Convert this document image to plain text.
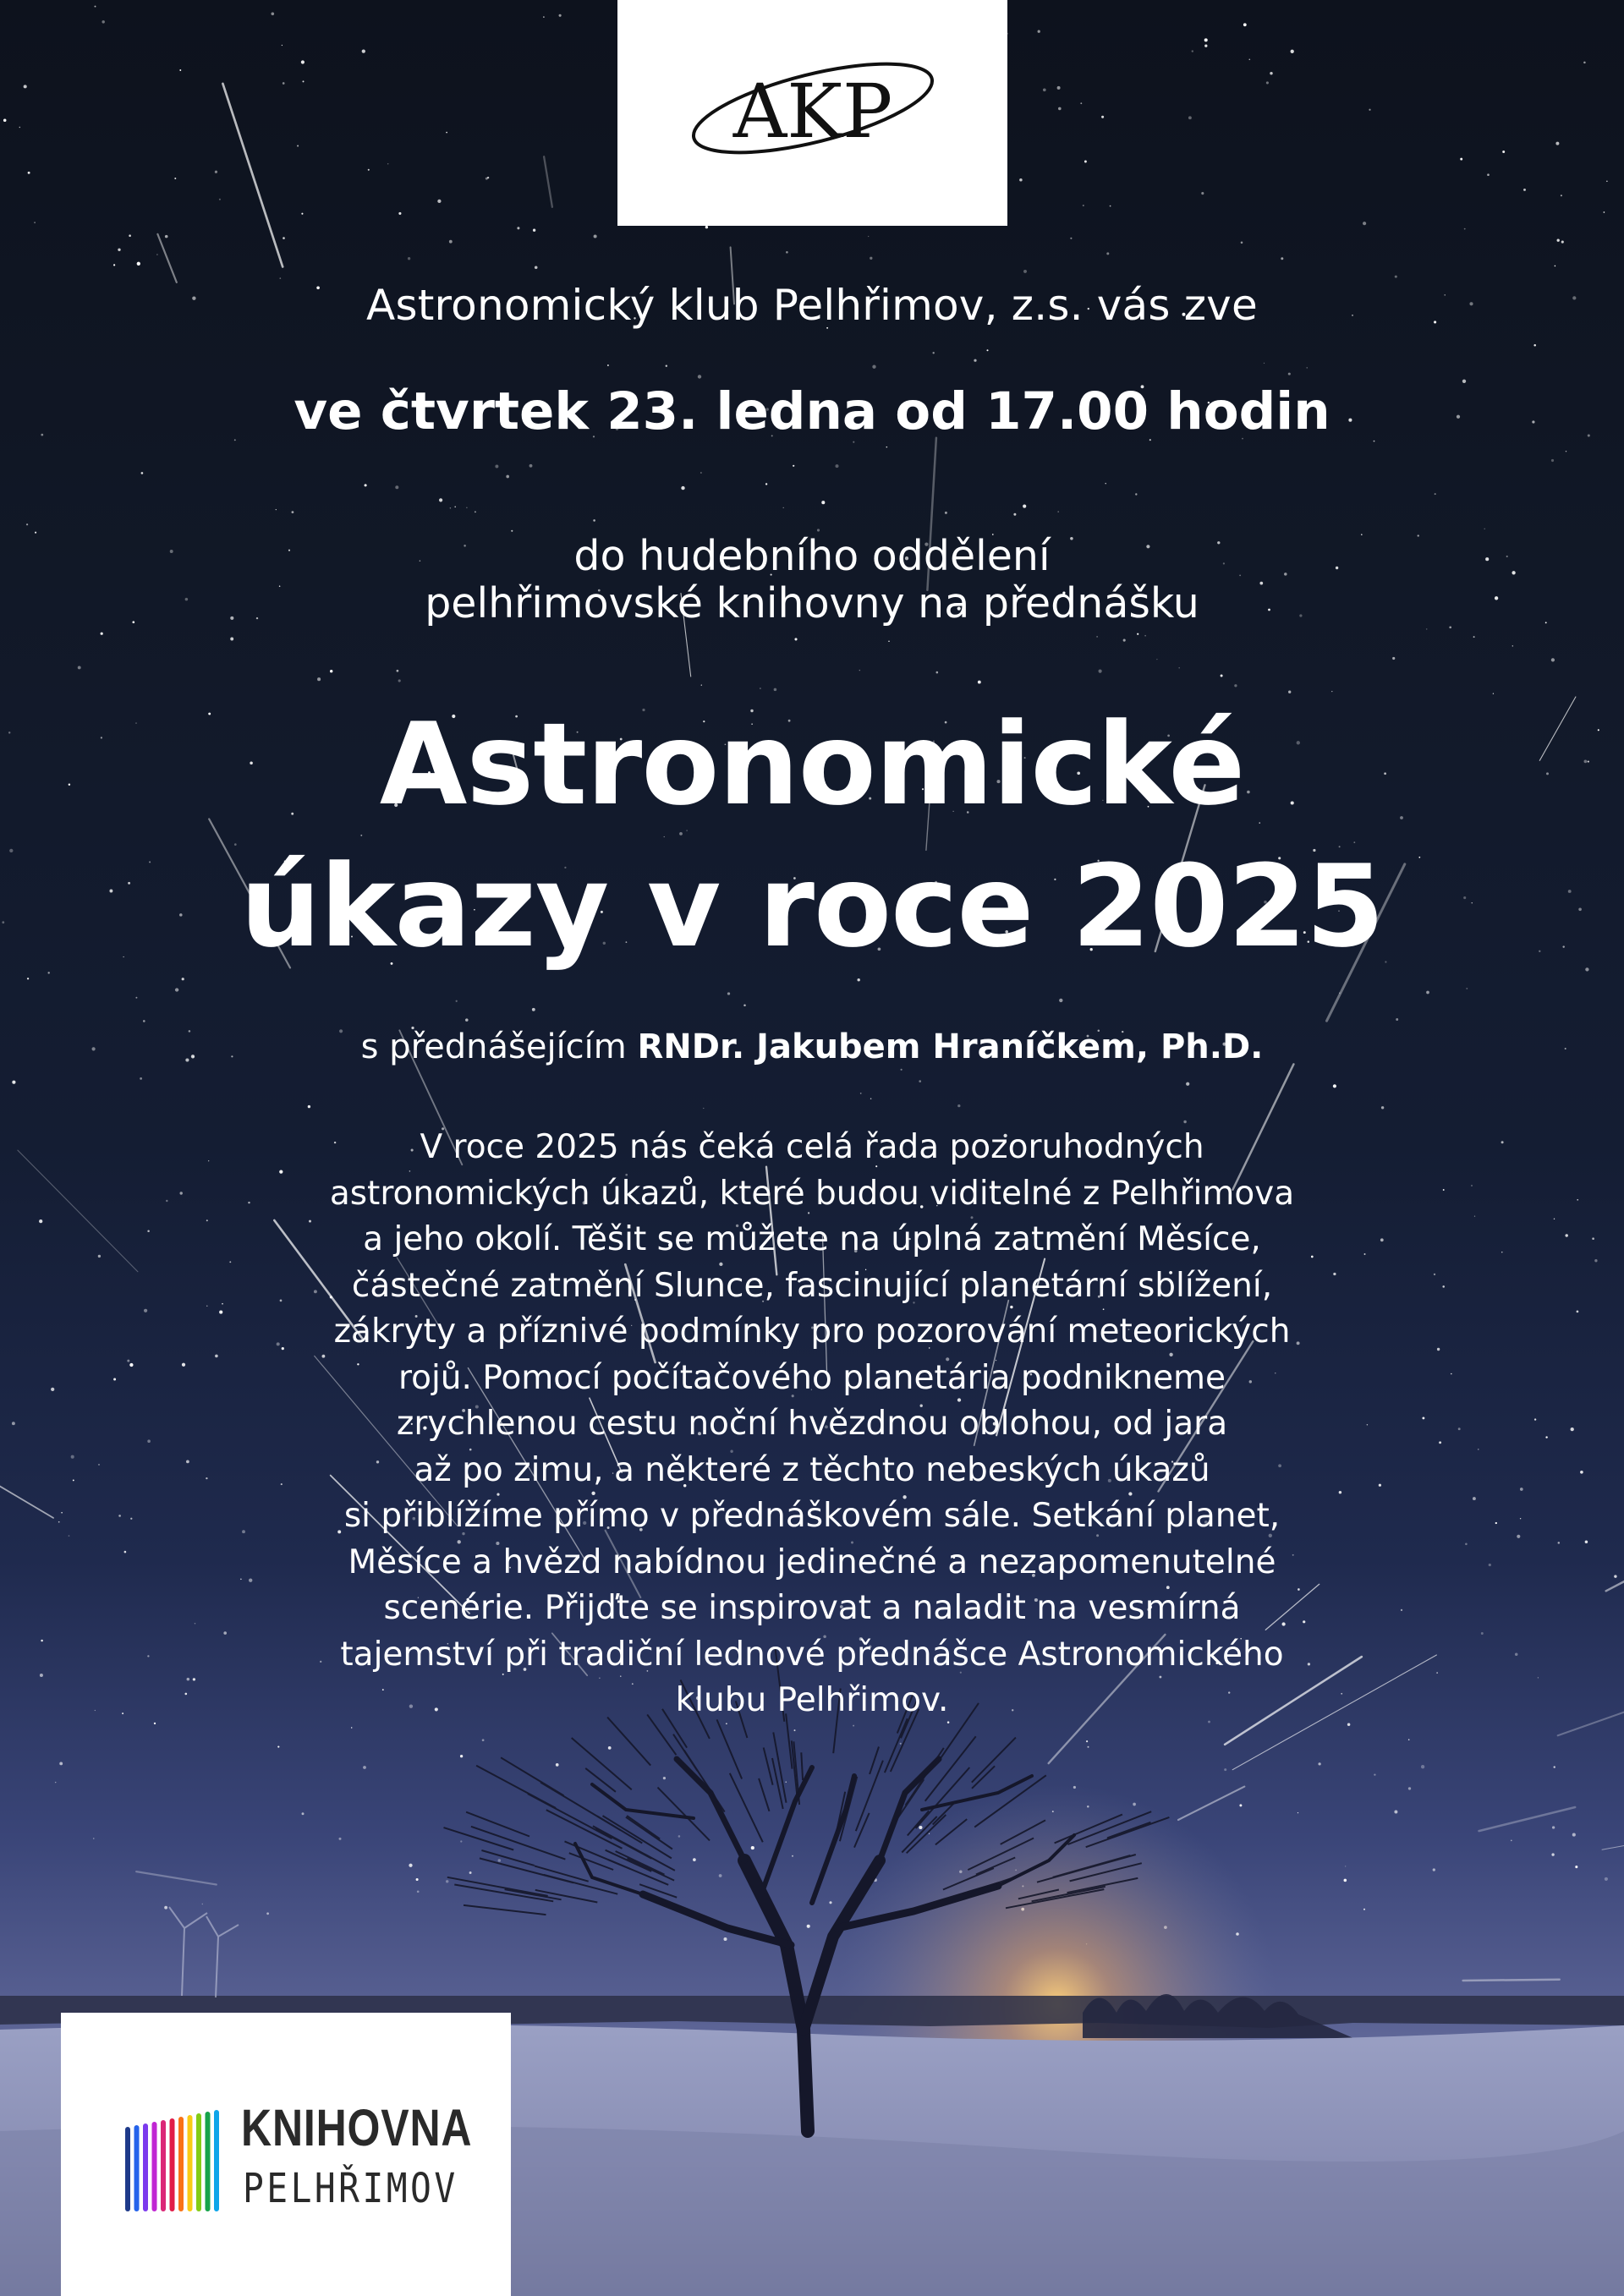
AKP
Astronomický klub Pelhřimov, z.s. vás zve
ve čtvrtek 23. ledna od 17.00 hodin
do hudebního oddělení
pelhřimovské knihovny na přednášku
Astronomické
úkazy v roce 2025
s přednášejícím RNDr. Jakubem Hraníčkem, Ph.D.
V roce 2025 nás čeká celá řada pozoruhodných
astronomických úkazů, které budou viditelné z Pelhřimova
a jeho okolí. Těšit se můžete na úplná zatmění Měsíce,
částečné zatmění Slunce, fascinující planetární sblížení,
zákryty a příznivé podmínky pro pozorování meteorických
rojů. Pomocí počítačového planetária podnikneme
zrychlenou cestu noční hvězdnou oblohou, od jara
až po zimu, a některé z těchto nebeských úkazů
si přiblížíme přímo v přednáškovém sále. Setkání planet,
Měsíce a hvězd nabídnou jedinečné a nezapomenutelné
scenérie. Přijďte se inspirovat a naladit na vesmírná
tajemství při tradiční lednové přednášce Astronomického
klubu Pelhřimov.
KNIHOVNA
PELHŘIMOV
